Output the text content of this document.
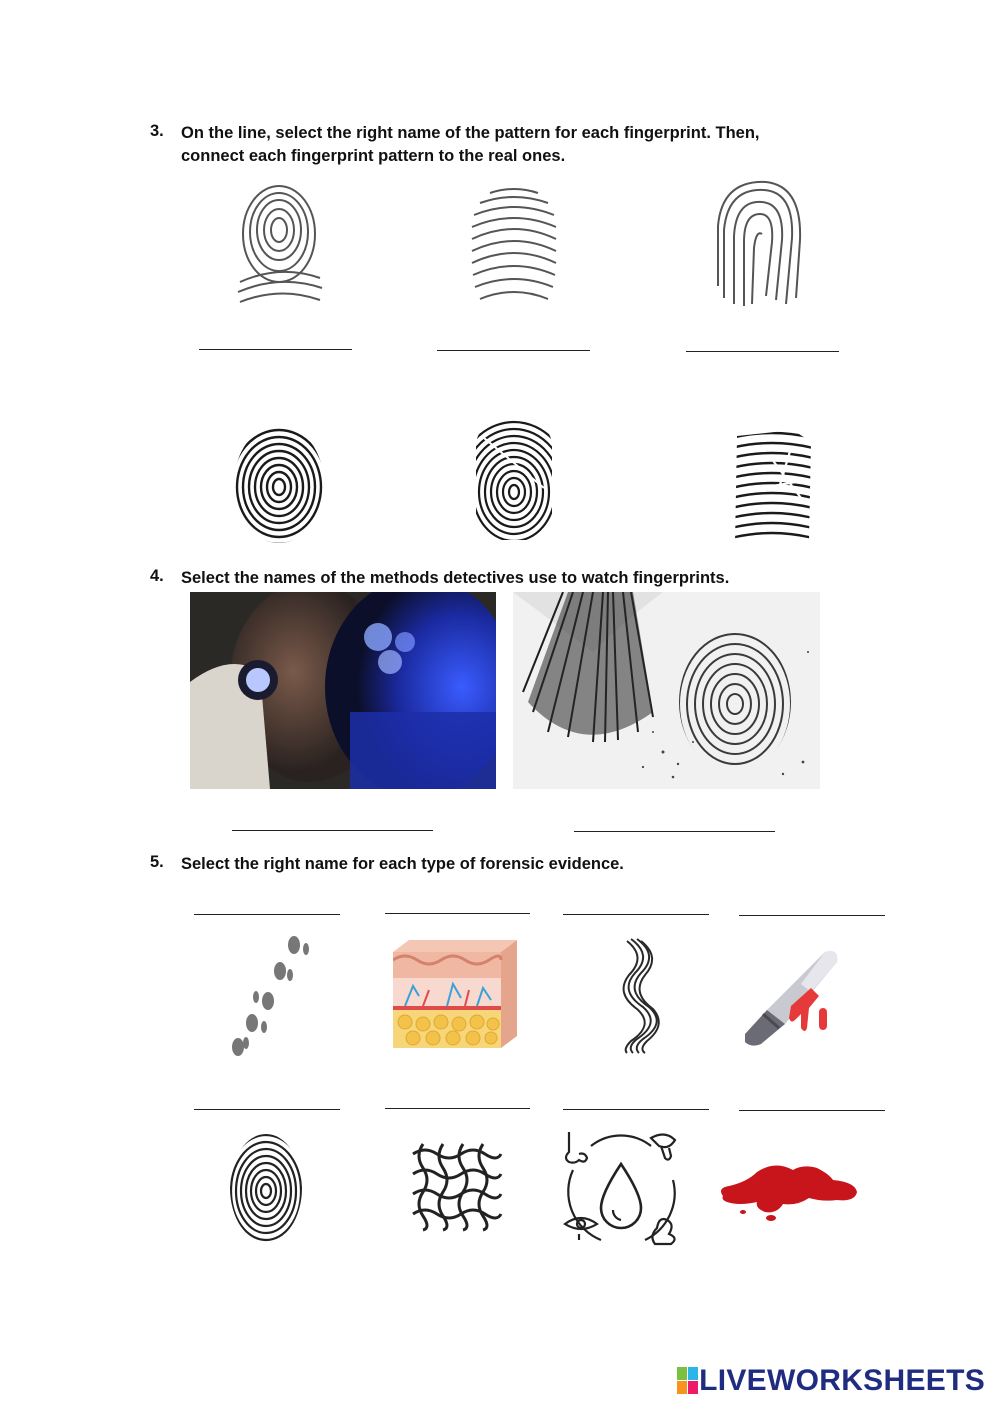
3. On the line, select the right name of the pattern for each fingerprint. Then,
connect each fingerprint pattern to the real ones.
4. Select the names of the methods detectives use to watch fingerprints.
5. Select the right name for each type of forensic evidence.
LIVEWORKSHEETS
